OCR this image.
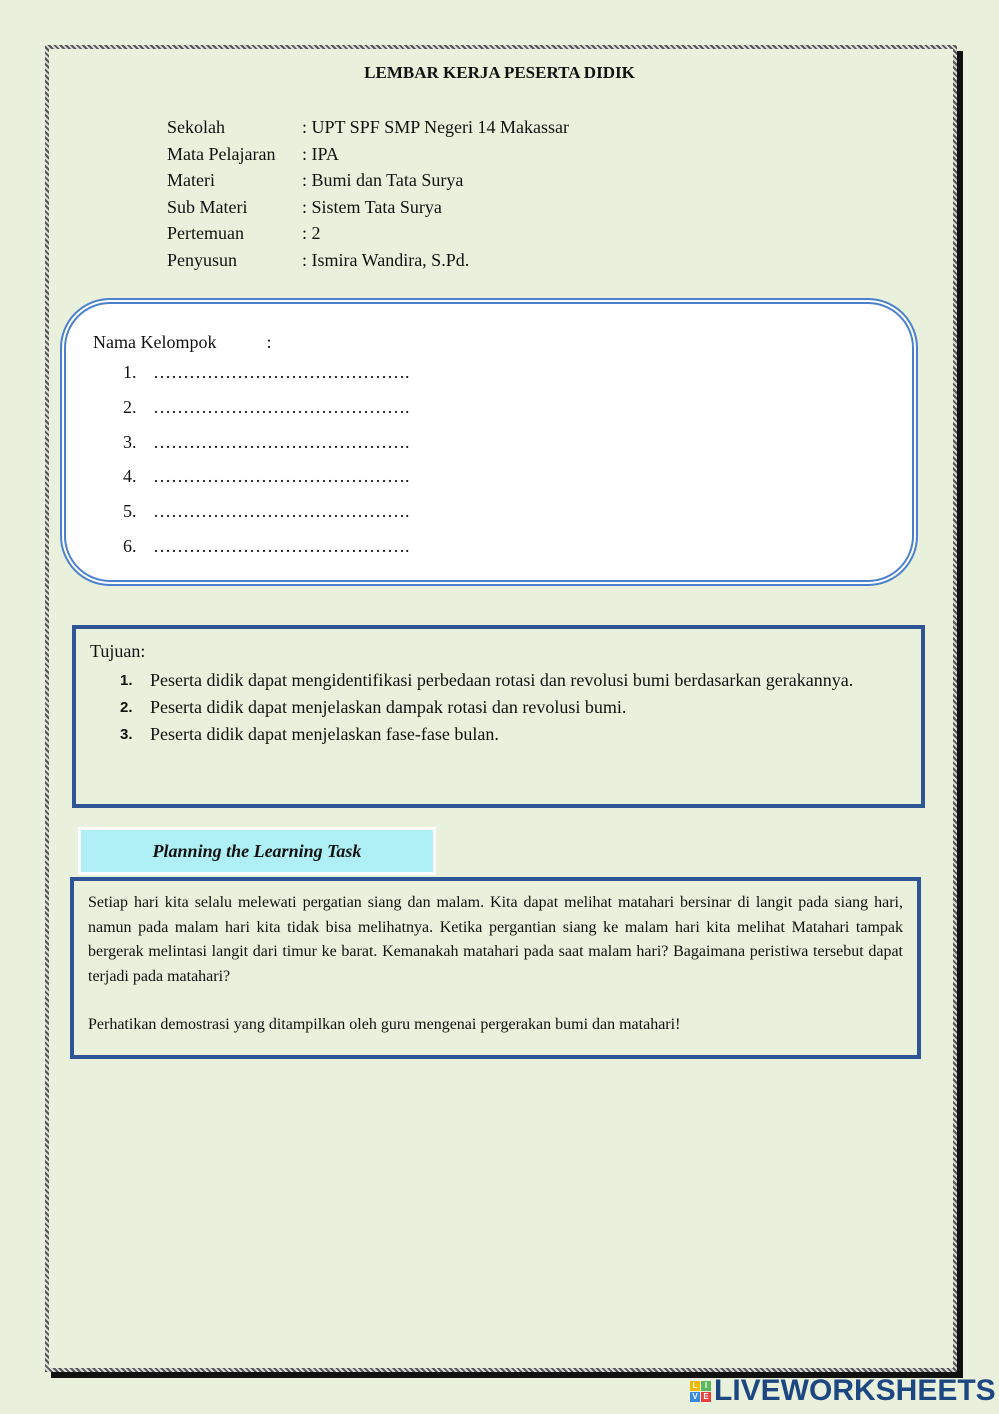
LEMBAR KERJA PESERTA DIDIK
Sekolah	: UPT SPF SMP Negeri 14 Makassar
Mata Pelajaran	: IPA
Materi	: Bumi dan Tata Surya
Sub Materi	: Sistem Tata Surya
Pertemuan	: 2
Penyusun	: Ismira Wandira, S.Pd.
Nama Kelompok	:
1. …………………………………….
2. …………………………………….
3. …………………………………….
4. …………………………………….
5. …………………………………….
6. …………………………………….
Tujuan:
1. Peserta didik dapat mengidentifikasi perbedaan rotasi dan revolusi bumi berdasarkan gerakannya.
2. Peserta didik dapat menjelaskan dampak rotasi dan revolusi bumi.
3. Peserta didik dapat menjelaskan fase-fase bulan.
Planning the Learning Task

Setiap hari kita selalu melewati pergatian siang dan malam. Kita dapat melihat matahari bersinar di langit pada siang hari, namun pada malam hari kita tidak bisa melihatnya. Ketika pergantian siang ke malam hari kita melihat Matahari tampak bergerak melintasi langit dari timur ke barat. Kemanakah matahari pada saat malam hari? Bagaimana peristiwa tersebut dapat terjadi pada matahari?

Perhatikan demostrasi yang ditampilkan oleh guru mengenai pergerakan bumi dan matahari!

L I
V E LIVEWORKSHEETS
